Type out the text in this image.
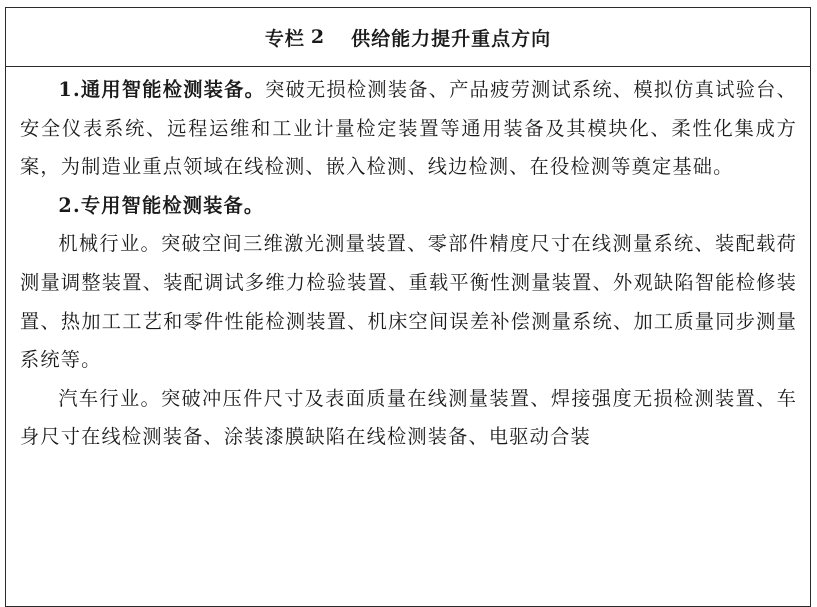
专栏 2 供给能力提升重点方向

1.通用智能检测装备。突破无损检测装备、产品疲劳测试系统、模拟仿真试验台、安全仪表系统、远程运维和工业计量检定装置等通用装备及其模块化、柔性化集成方案，为制造业重点领域在线检测、嵌入检测、线边检测、在役检测等奠定基础。

2.专用智能检测装备。

机械行业。突破空间三维激光测量装置、零部件精度尺寸在线测量系统、装配载荷测量调整装置、装配调试多维力检验装置、重载平衡性测量装置、外观缺陷智能检修装置、热加工工艺和零件性能检测装置、机床空间误差补偿测量系统、加工质量同步测量系统等。

汽车行业。突破冲压件尺寸及表面质量在线测量装置、焊接强度无损检测装置、车身尺寸在线检测装备、涂装漆膜缺陷在线检测装备、电驱动合装
